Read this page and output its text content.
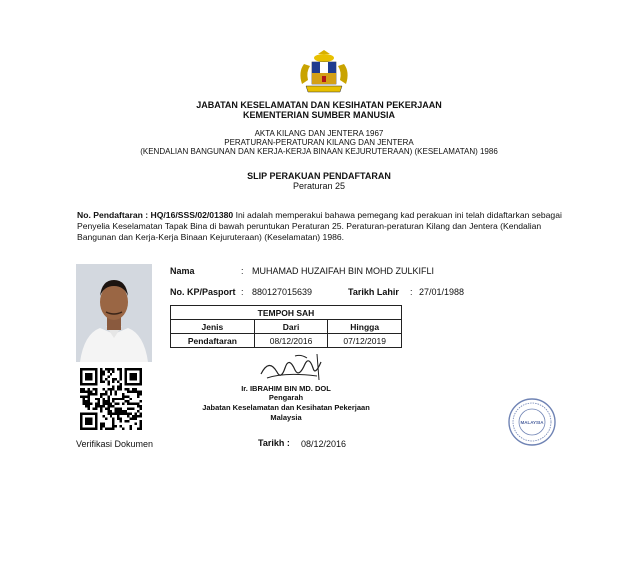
JABATAN KESELAMATAN DAN KESIHATAN PEKERJAAN
KEMENTERIAN SUMBER MANUSIA
AKTA KILANG DAN JENTERA 1967
PERATURAN-PERATURAN KILANG DAN JENTERA
(KENDALIAN BANGUNAN DAN KERJA-KERJA BINAAN KEJURUTERAAN) (KESELAMATAN) 1986
SLIP PERAKUAN PENDAFTARAN
Peraturan 25
No. Pendaftaran : HQ/16/SSS/02/01380 Ini adalah memperakui bahawa pemegang kad perakuan ini telah didaftarkan sebagai Penyelia Keselamatan Tapak Bina di bawah peruntukan Peraturan 25. Peraturan-peraturan Kilang dan Jentera (Kendalian Bangunan dan Kerja-Kerja Binaan Kejuruteraan) (Keselamatan) 1986.
Nama	: MUHAMAD HUZAIFAH BIN MOHD ZULKIFLI
No. KP/Pasport : 880127015639	Tarikh Lahir : 27/01/1988
TEMPOH SAH		
Jenis	Dari	Hingga
Pendaftaran	08/12/2016	07/12/2019
Ir. IBRAHIM BIN MD. DOL
Pengarah
Jabatan Keselamatan dan Kesihatan Pekerjaan
Malaysia
Tarikh : 08/12/2016
Verifikasi Dokumen
MALAYSIA
